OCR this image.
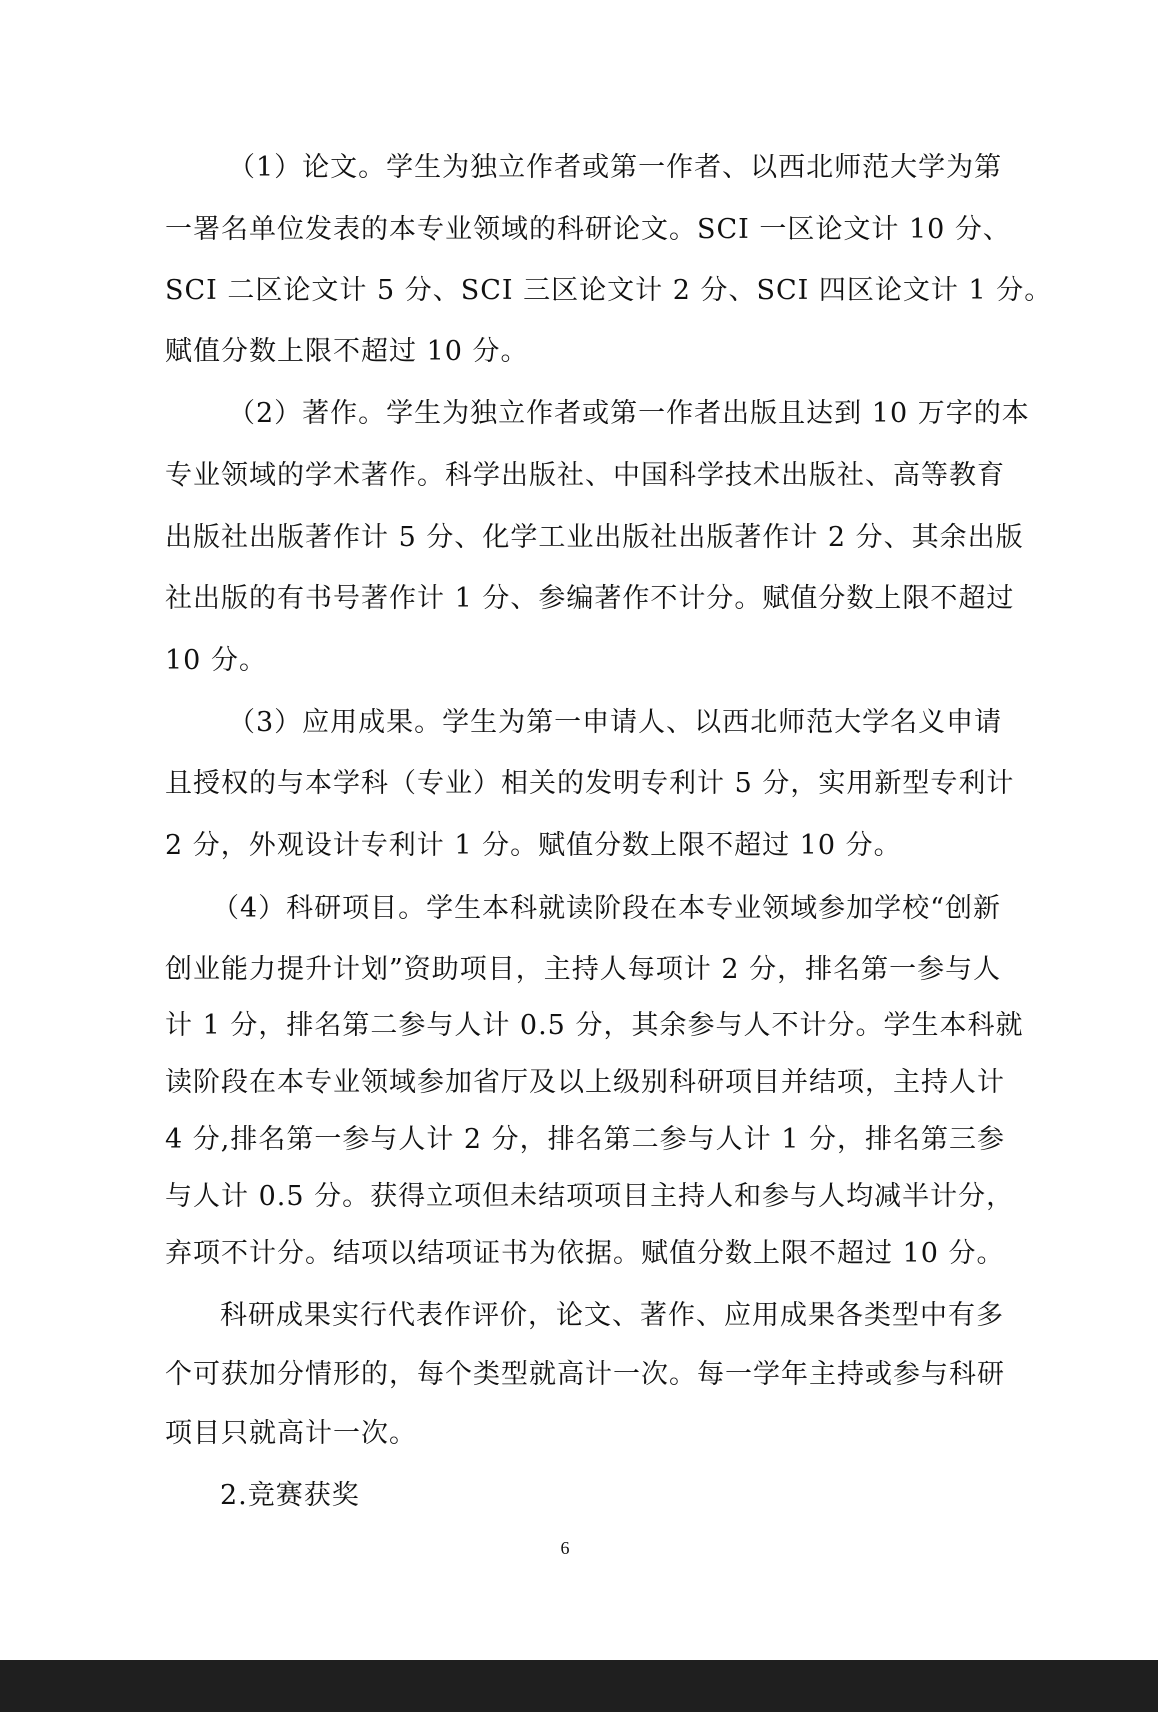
（1）论文。学生为独立作者或第一作者、以西北师范大学为第
一署名单位发表的本专业领域的科研论文。SCI 一区论文计 10 分、
SCI 二区论文计 5 分、SCI 三区论文计 2 分、SCI 四区论文计 1 分。
赋值分数上限不超过 10 分。
（2）著作。学生为独立作者或第一作者出版且达到 10 万字的本
专业领域的学术著作。科学出版社、中国科学技术出版社、高等教育
出版社出版著作计 5 分、化学工业出版社出版著作计 2 分、其余出版
社出版的有书号著作计 1 分、参编著作不计分。赋值分数上限不超过
10 分。
（3）应用成果。学生为第一申请人、以西北师范大学名义申请
且授权的与本学科（专业）相关的发明专利计 5 分，实用新型专利计
2 分，外观设计专利计 1 分。赋值分数上限不超过 10 分。
（4）科研项目。学生本科就读阶段在本专业领域参加学校“创新
创业能力提升计划”资助项目，主持人每项计 2 分，排名第一参与人
计 1 分，排名第二参与人计 0.5 分，其余参与人不计分。学生本科就
读阶段在本专业领域参加省厅及以上级别科研项目并结项，主持人计
4 分,排名第一参与人计 2 分，排名第二参与人计 1 分，排名第三参
与人计 0.5 分。获得立项但未结项项目主持人和参与人均减半计分，
弃项不计分。结项以结项证书为依据。赋值分数上限不超过 10 分。
科研成果实行代表作评价，论文、著作、应用成果各类型中有多
个可获加分情形的，每个类型就高计一次。每一学年主持或参与科研
项目只就高计一次。
2.竞赛获奖
6
